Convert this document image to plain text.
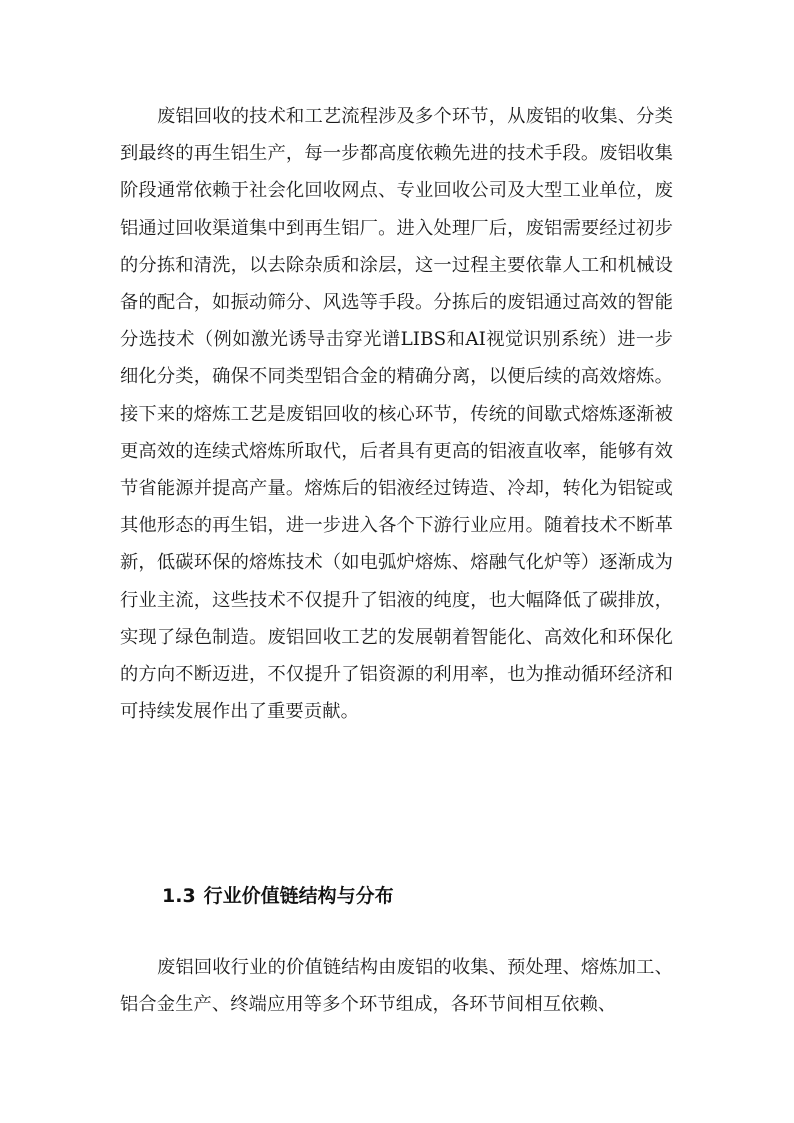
废铝回收的技术和工艺流程涉及多个环节，从废铝的收集、分类到最终的再生铝生产，每一步都高度依赖先进的技术手段。废铝收集阶段通常依赖于社会化回收网点、专业回收公司及大型工业单位，废铝通过回收渠道集中到再生铝厂。进入处理厂后，废铝需要经过初步的分拣和清洗，以去除杂质和涂层，这一过程主要依靠人工和机械设备的配合，如振动筛分、风选等手段。分拣后的废铝通过高效的智能分选技术（例如激光诱导击穿光谱LIBS和AI视觉识别系统）进一步细化分类，确保不同类型铝合金的精确分离，以便后续的高效熔炼。接下来的熔炼工艺是废铝回收的核心环节，传统的间歇式熔炼逐渐被更高效的连续式熔炼所取代，后者具有更高的铝液直收率，能够有效节省能源并提高产量。熔炼后的铝液经过铸造、冷却，转化为铝锭或其他形态的再生铝，进一步进入各个下游行业应用。随着技术不断革新，低碳环保的熔炼技术（如电弧炉熔炼、熔融气化炉等）逐渐成为行业主流，这些技术不仅提升了铝液的纯度，也大幅降低了碳排放，实现了绿色制造。废铝回收工艺的发展朝着智能化、高效化和环保化的方向不断迈进，不仅提升了铝资源的利用率，也为推动循环经济和可持续发展作出了重要贡献。

1.3 行业价值链结构与分布

废铝回收行业的价值链结构由废铝的收集、预处理、熔炼加工、铝合金生产、终端应用等多个环节组成，各环节间相互依赖、
